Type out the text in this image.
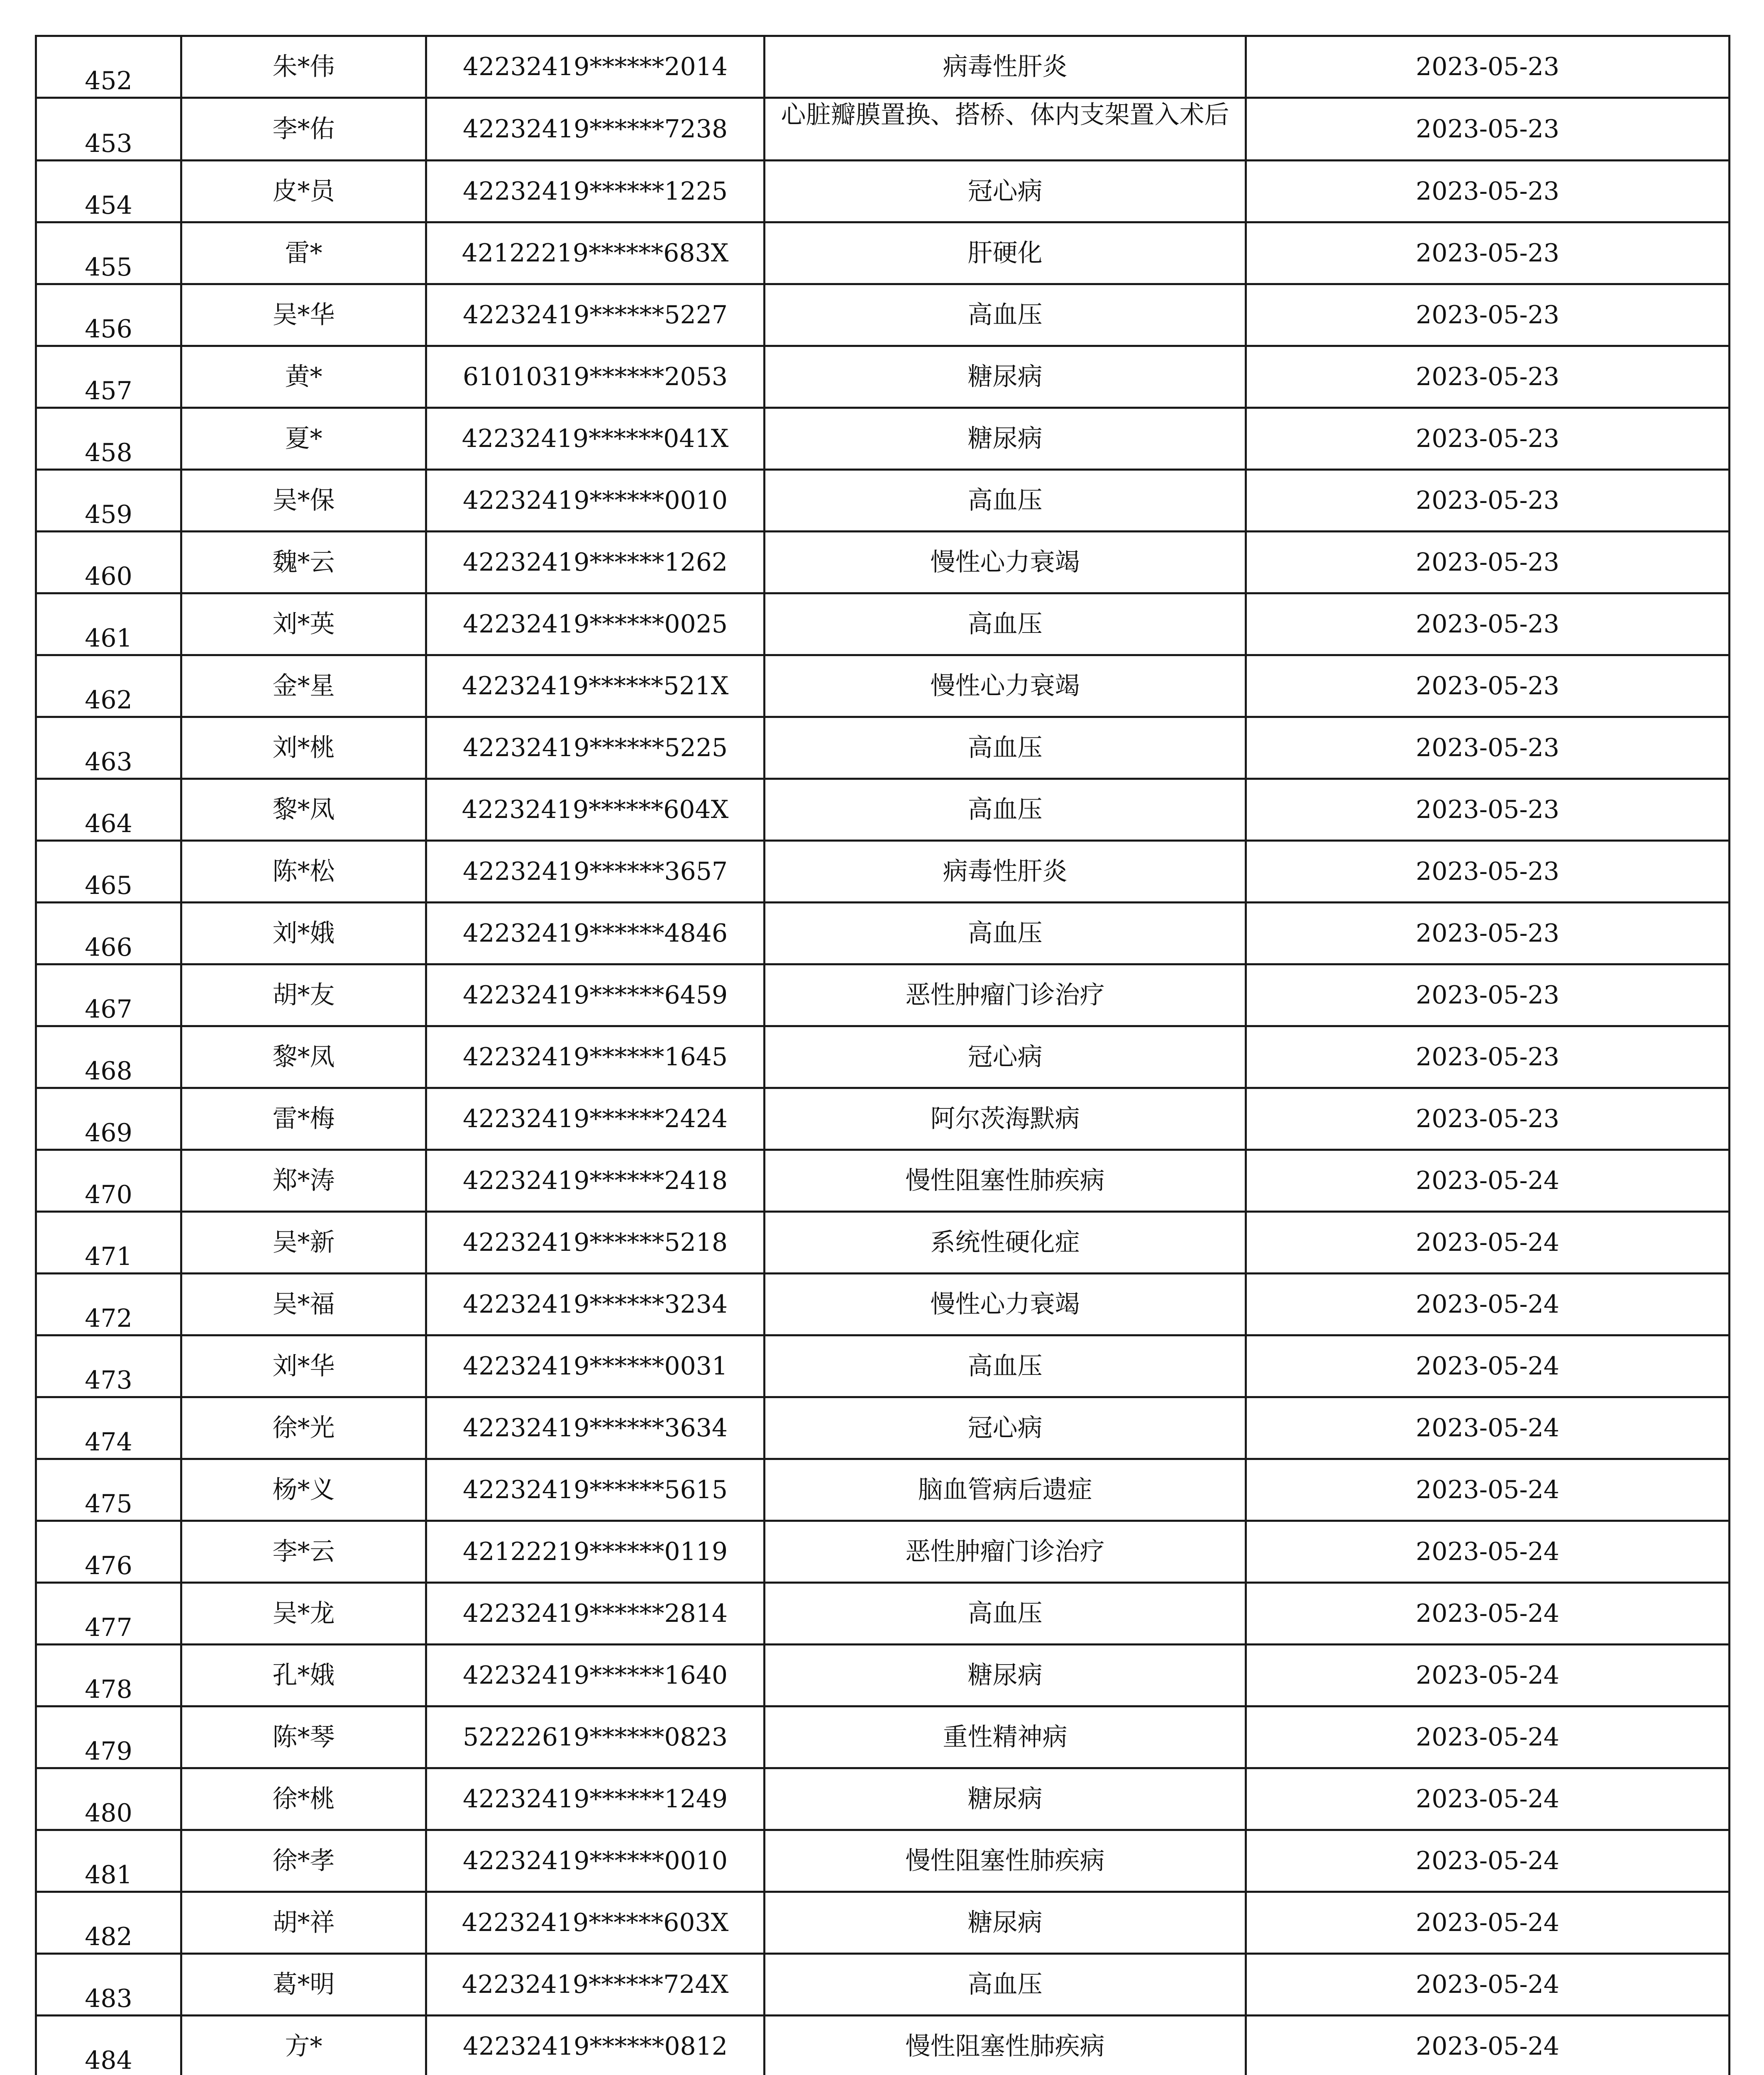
452	朱*伟	42232419******2014	病毒性肝炎	2023-05-23
453	李*佑	42232419******7238	心脏瓣膜置换、搭桥、体内支架置入术后	2023-05-23
454	皮*员	42232419******1225	冠心病	2023-05-23
455	雷*	42122219******683X	肝硬化	2023-05-23
456	吴*华	42232419******5227	高血压	2023-05-23
457	黄*	61010319******2053	糖尿病	2023-05-23
458	夏*	42232419******041X	糖尿病	2023-05-23
459	吴*保	42232419******0010	高血压	2023-05-23
460	魏*云	42232419******1262	慢性心力衰竭	2023-05-23
461	刘*英	42232419******0025	高血压	2023-05-23
462	金*星	42232419******521X	慢性心力衰竭	2023-05-23
463	刘*桃	42232419******5225	高血压	2023-05-23
464	黎*凤	42232419******604X	高血压	2023-05-23
465	陈*松	42232419******3657	病毒性肝炎	2023-05-23
466	刘*娥	42232419******4846	高血压	2023-05-23
467	胡*友	42232419******6459	恶性肿瘤门诊治疗	2023-05-23
468	黎*凤	42232419******1645	冠心病	2023-05-23
469	雷*梅	42232419******2424	阿尔茨海默病	2023-05-23
470	郑*涛	42232419******2418	慢性阻塞性肺疾病	2023-05-24
471	吴*新	42232419******5218	系统性硬化症	2023-05-24
472	吴*福	42232419******3234	慢性心力衰竭	2023-05-24
473	刘*华	42232419******0031	高血压	2023-05-24
474	徐*光	42232419******3634	冠心病	2023-05-24
475	杨*义	42232419******5615	脑血管病后遗症	2023-05-24
476	李*云	42122219******0119	恶性肿瘤门诊治疗	2023-05-24
477	吴*龙	42232419******2814	高血压	2023-05-24
478	孔*娥	42232419******1640	糖尿病	2023-05-24
479	陈*琴	52222619******0823	重性精神病	2023-05-24
480	徐*桃	42232419******1249	糖尿病	2023-05-24
481	徐*孝	42232419******0010	慢性阻塞性肺疾病	2023-05-24
482	胡*祥	42232419******603X	糖尿病	2023-05-24
483	葛*明	42232419******724X	高血压	2023-05-24
484	方*	42232419******0812	慢性阻塞性肺疾病	2023-05-24
